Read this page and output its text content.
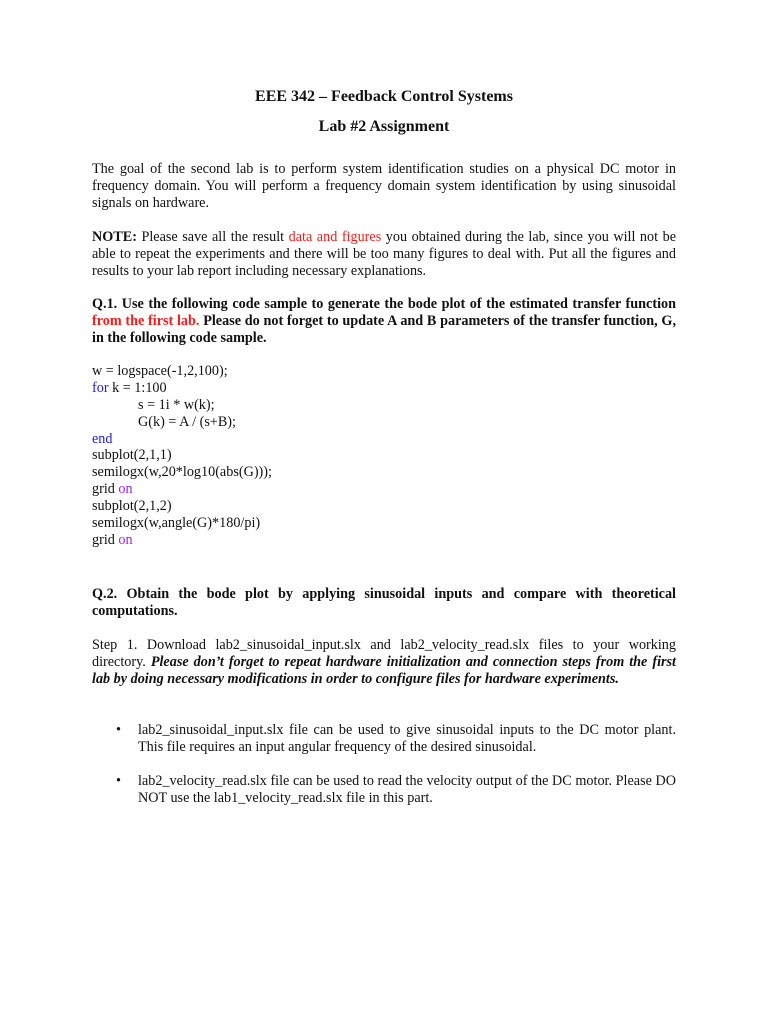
EEE 342 – Feedback Control Systems
Lab #2 Assignment
The goal of the second lab is to perform system identification studies on a physical DC motor in frequency domain. You will perform a frequency domain system identification by using sinusoidal signals on hardware.
NOTE: Please save all the result data and figures you obtained during the lab, since you will not be able to repeat the experiments and there will be too many figures to deal with. Put all the figures and results to your lab report including necessary explanations.
Q.1. Use the following code sample to generate the bode plot of the estimated transfer function from the first lab. Please do not forget to update A and B parameters of the transfer function, G, in the following code sample.
w = logspace(-1,2,100);
for k = 1:100
s = 1i * w(k);
G(k) = A / (s+B);
end
subplot(2,1,1)
semilogx(w,20*log10(abs(G)));
grid on
subplot(2,1,2)
semilogx(w,angle(G)*180/pi)
grid on
Q.2. Obtain the bode plot by applying sinusoidal inputs and compare with theoretical computations.
Step 1. Download lab2_sinusoidal_input.slx and lab2_velocity_read.slx files to your working directory. Please don’t forget to repeat hardware initialization and connection steps from the first lab by doing necessary modifications in order to configure files for hardware experiments.
• lab2_sinusoidal_input.slx file can be used to give sinusoidal inputs to the DC motor plant. This file requires an input angular frequency of the desired sinusoidal.
• lab2_velocity_read.slx file can be used to read the velocity output of the DC motor. Please DO NOT use the lab1_velocity_read.slx file in this part.
